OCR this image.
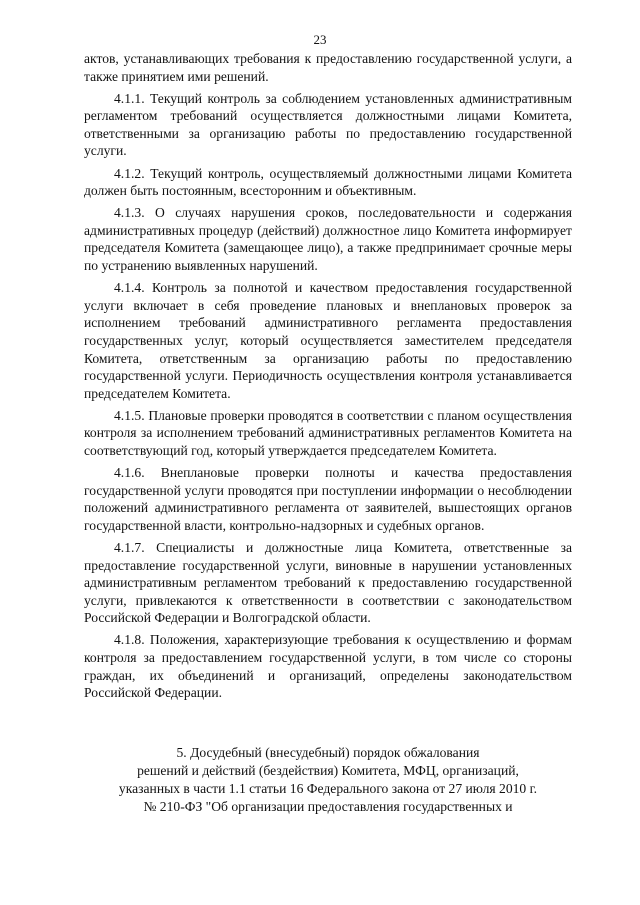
23

актов, устанавливающих требования к предоставлению государственной услуги, а также принятием ими решений.

4.1.1. Текущий контроль за соблюдением установленных административным регламентом требований осуществляется должностными лицами Комитета, ответственными за организацию работы по предоставлению государственной услуги.

4.1.2. Текущий контроль, осуществляемый должностными лицами Комитета должен быть постоянным, всесторонним и объективным.

4.1.3. О случаях нарушения сроков, последовательности и содержания административных процедур (действий) должностное лицо Комитета информирует председателя Комитета (замещающее лицо), а также предпринимает срочные меры по устранению выявленных нарушений.

4.1.4. Контроль за полнотой и качеством предоставления государственной услуги включает в себя проведение плановых и внеплановых проверок за исполнением требований административного регламента предоставления государственных услуг, который осуществляется заместителем председателя Комитета, ответственным за организацию работы по предоставлению государственной услуги. Периодичность осуществления контроля устанавливается председателем Комитета.

4.1.5. Плановые проверки проводятся в соответствии с планом осуществления контроля за исполнением требований административных регламентов Комитета на соответствующий год, который утверждается председателем Комитета.

4.1.6. Внеплановые проверки полноты и качества предоставления государственной услуги проводятся при поступлении информации о несоблюдении положений административного регламента от заявителей, вышестоящих органов государственной власти, контрольно-надзорных и судебных органов.

4.1.7. Специалисты и должностные лица Комитета, ответственные за предоставление государственной услуги, виновные в нарушении установленных административным регламентом требований к предоставлению государственной услуги, привлекаются к ответственности в соответствии с законодательством Российской Федерации и Волгоградской области.

4.1.8. Положения, характеризующие требования к осуществлению и формам контроля за предоставлением государственной услуги, в том числе со стороны граждан, их объединений и организаций, определены законодательством Российской Федерации.

5. Досудебный (внесудебный) порядок обжалования
решений и действий (бездействия) Комитета, МФЦ, организаций,
указанных в части 1.1 статьи 16 Федерального закона от 27 июля 2010 г.
№ 210-ФЗ "Об организации предоставления государственных и
